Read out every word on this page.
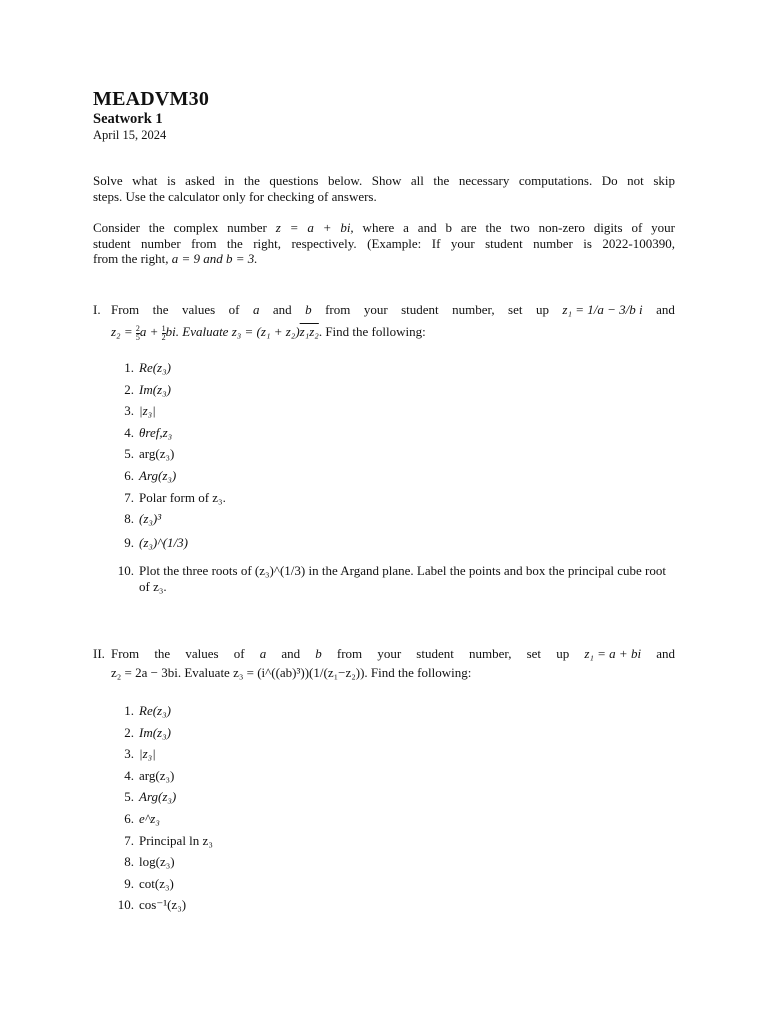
MEADVM30
Seatwork 1
April 15, 2024
Solve what is asked in the questions below. Show all the necessary computations. Do not skip
steps. Use the calculator only for checking of answers.
Consider the complex number z = a + bi, where a and b are the two non-zero digits of your
student number from the right, respectively. (Example: If your student number is 2022-100390,
from the right, a = 9 and b = 3.
I. From the values of a and b from your student number, set up z₁ = 1/a − 3/b i and
$z_2 = \frac{2}{5}$ $a + \frac{1}{2}$ bi. Evaluate z₃ = (z₁ + z₂)z₁z₂. Find the following:
1 . Re(z₃)
2 . Im(z₃)
3 . |z₃|
4 . θref,z₃
5 . arg(z₃)
6 . Arg(z₃)
7 . Polar form of z₃.
8 . (z₃)³
9 . (z₃)^(1/3)
10 . Plot the three roots of (z₃)^(1/3) in the Argand plane. Label the points and box the principal cube root of z₃.
II. From the values of a and b from your student number, set up z₁ = a + bi and
z₂ = 2a − 3bi. Evaluate z₃ = (i^((ab)³))(1/(z₁−z₂)). Find the following:
1 . Re(z₃)
2 . Im(z₃)
3 . |z₃|
4 . arg(z₃)
5 . Arg(z₃)
6 . e^z₃
7 . Principal ln z₃
8 . log(z₃)
9 . cot(z₃)
10 . cos⁻¹(z₃)
